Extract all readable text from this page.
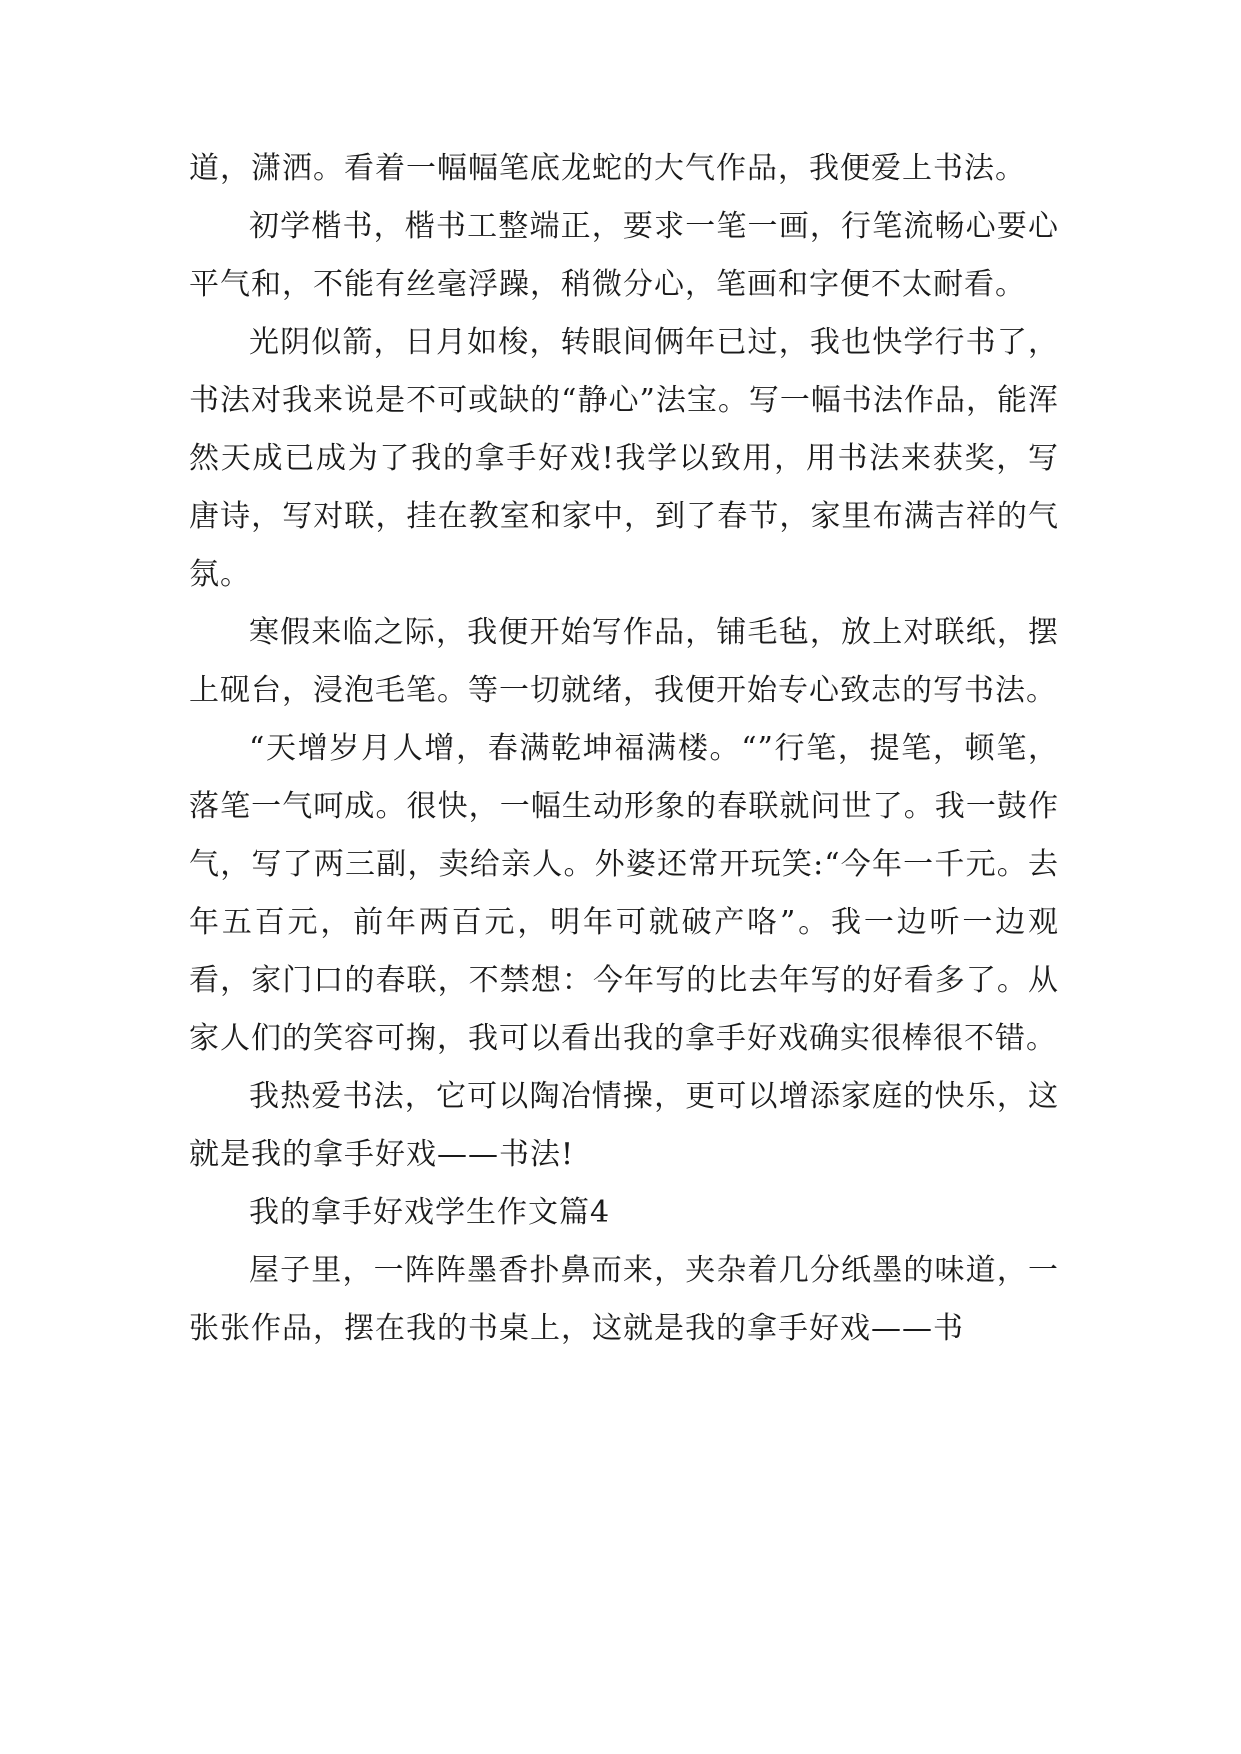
道，潇洒。看着一幅幅笔底龙蛇的大气作品，我便爱上书法。

初学楷书，楷书工整端正，要求一笔一画，行笔流畅心要心平气和，不能有丝毫浮躁，稍微分心，笔画和字便不太耐看。

光阴似箭，日月如梭，转眼间俩年已过，我也快学行书了，书法对我来说是不可或缺的“静心”法宝。写一幅书法作品，能浑然天成已成为了我的拿手好戏!我学以致用，用书法来获奖，写唐诗，写对联，挂在教室和家中，到了春节，家里布满吉祥的气氛。

寒假来临之际，我便开始写作品，铺毛毡，放上对联纸，摆上砚台，浸泡毛笔。等一切就绪，我便开始专心致志的写书法。

“天增岁月人增，春满乾坤福满楼。“”行笔，提笔，顿笔，落笔一气呵成。很快，一幅生动形象的春联就问世了。我一鼓作气，写了两三副，卖给亲人。外婆还常开玩笑:“今年一千元。去年五百元，前年两百元，明年可就破产咯”。我一边听一边观看，家门口的春联，不禁想：今年写的比去年写的好看多了。从家人们的笑容可掬，我可以看出我的拿手好戏确实很棒很不错。

我热爱书法，它可以陶冶情操，更可以增添家庭的快乐，这就是我的拿手好戏——书法!

我的拿手好戏学生作文篇4

屋子里，一阵阵墨香扑鼻而来，夹杂着几分纸墨的味道，一张张作品，摆在我的书桌上，这就是我的拿手好戏——书
